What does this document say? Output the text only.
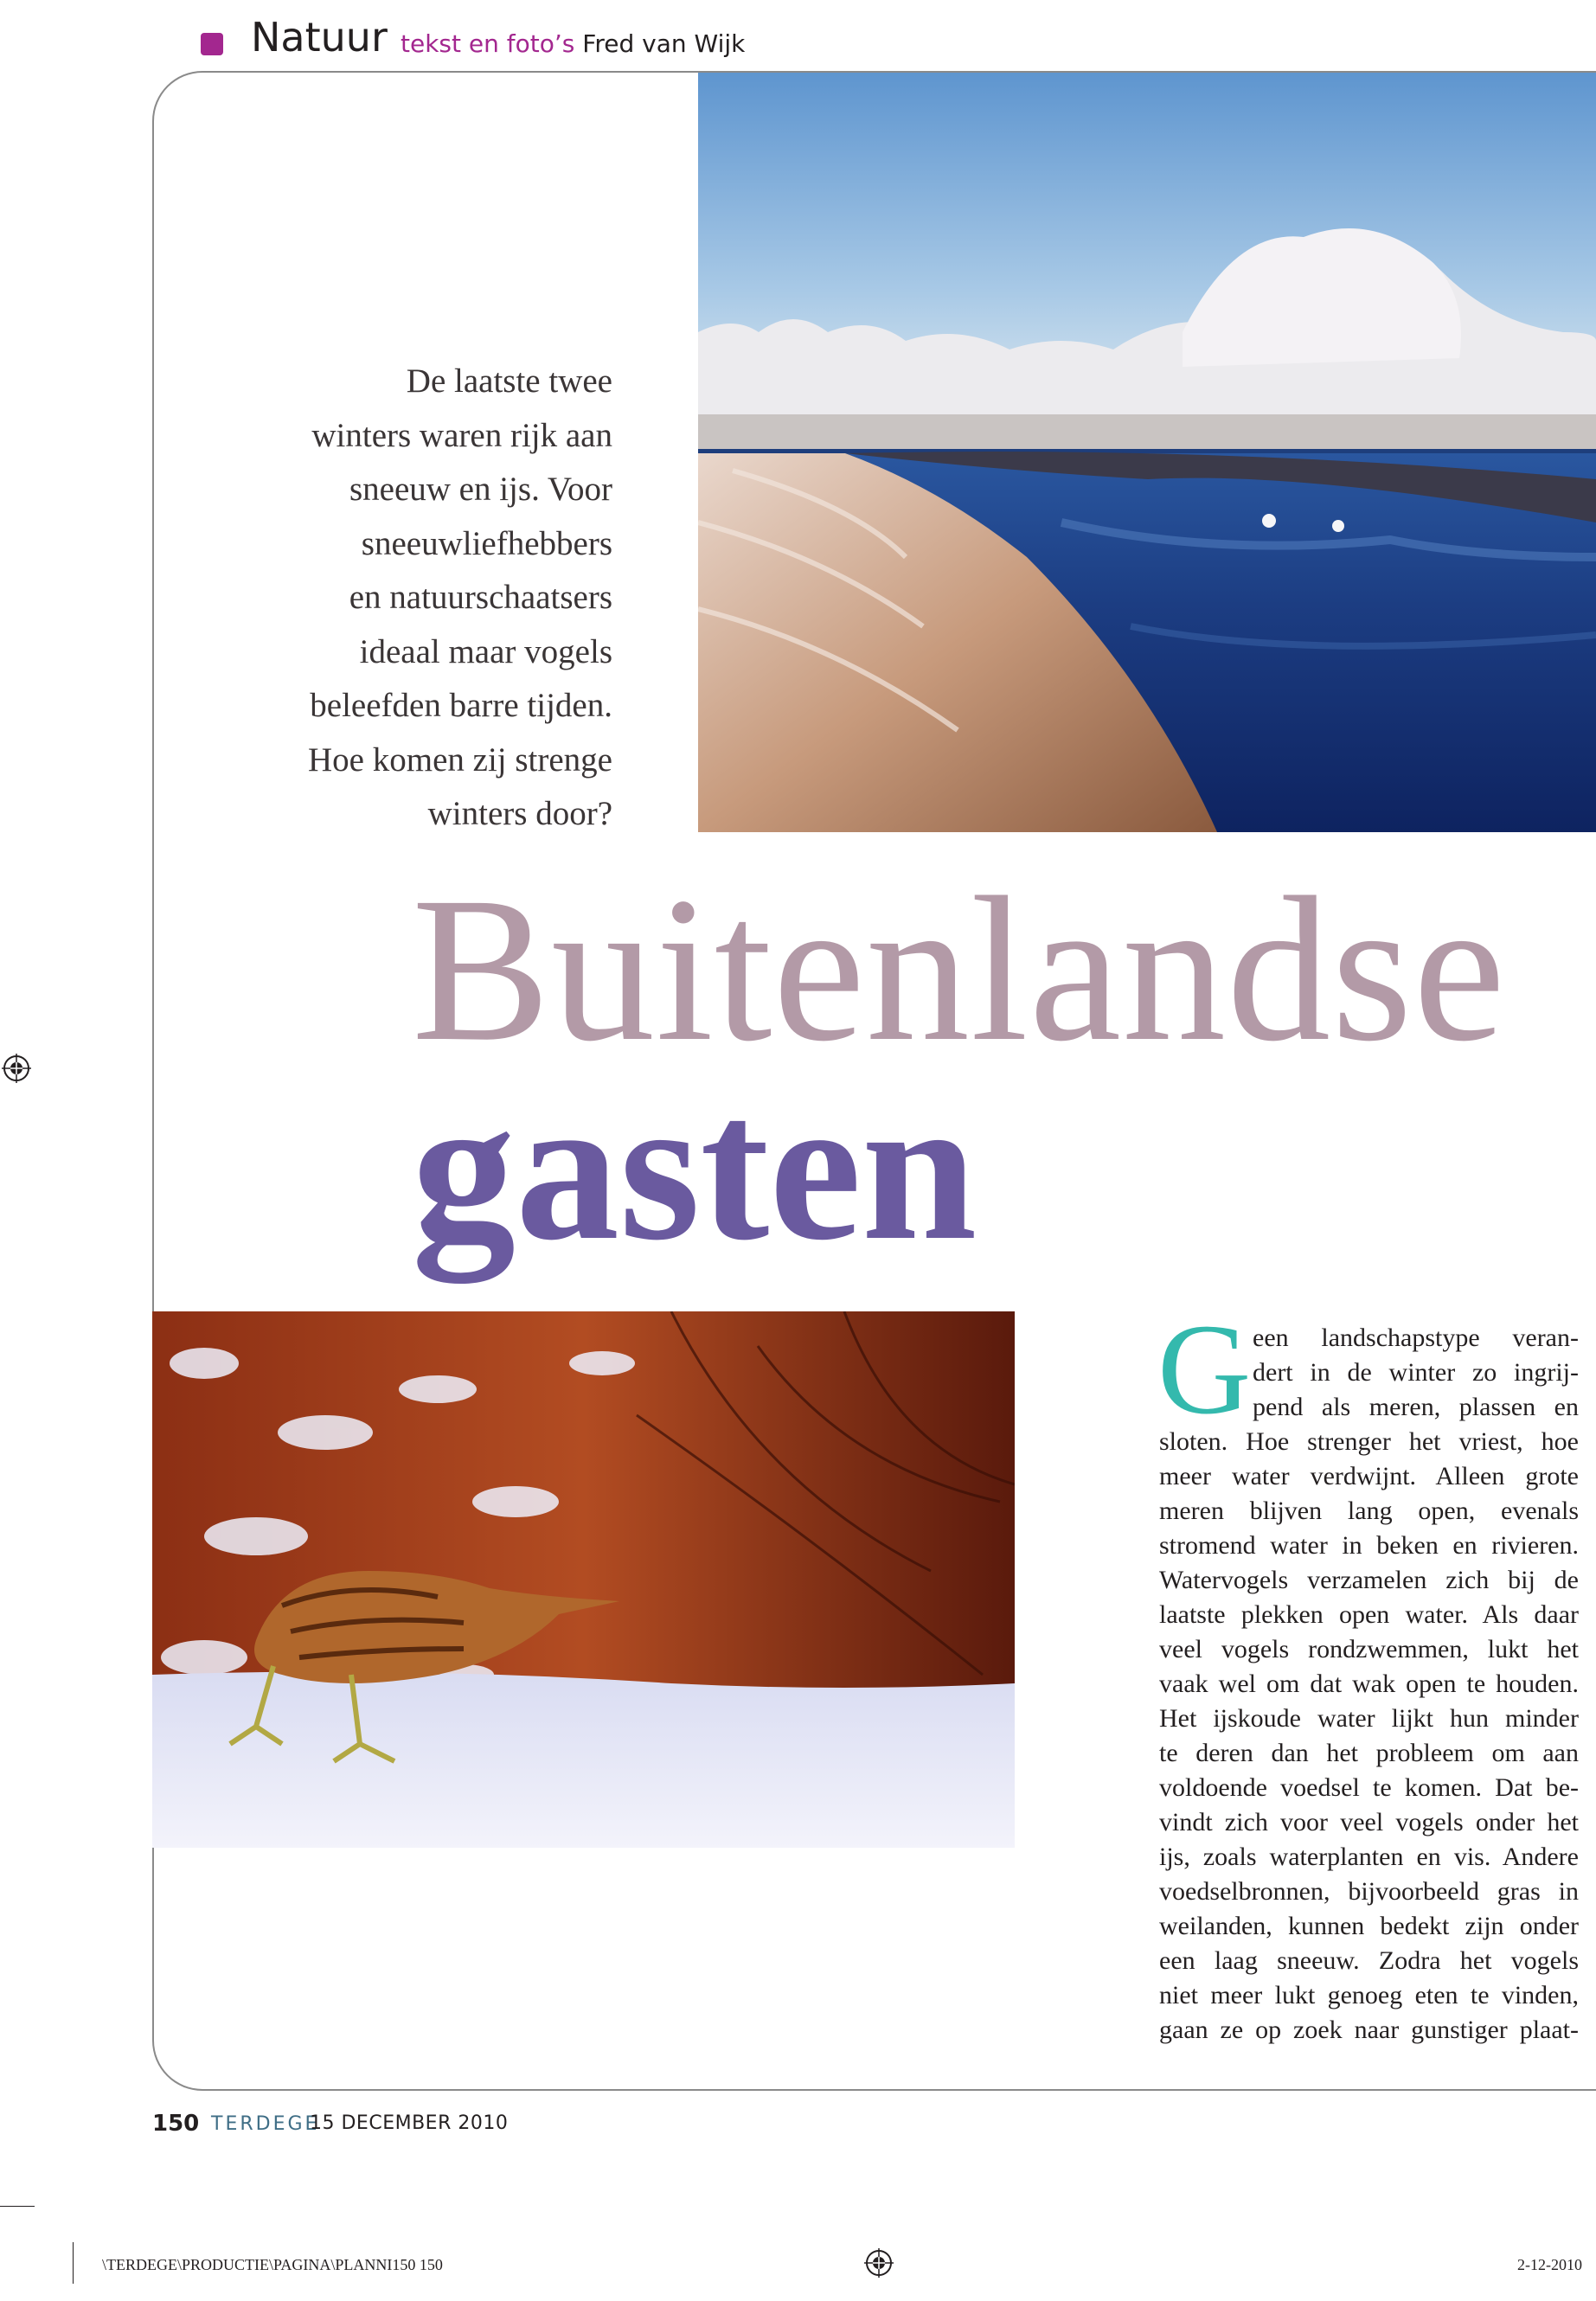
Natuur tekst en foto’s Fred van Wijk

De laatste twee
winters waren rijk aan
sneeuw en ijs. Voor
sneeuwliefhebbers
en natuurschaatsers
ideaal maar vogels
beleefden barre tijden.
Hoe komen zij strenge
winters door?

Buitenlandse
gasten
G een landschapstype veran-
dert in de winter zo ingrij-
pend als meren, plassen en
sloten. Hoe strenger het vriest, hoe
meer water verdwijnt. Alleen grote
meren blijven lang open, evenals
stromend water in beken en rivieren.
Watervogels verzamelen zich bij de
laatste plekken open water. Als daar
veel vogels rondzwemmen, lukt het
vaak wel om dat wak open te houden.
Het ijskoude water lijkt hun minder
te deren dan het probleem om aan
voldoende voedsel te komen. Dat be-
vindt zich voor veel vogels onder het
ijs, zoals waterplanten en vis. Andere
voedselbronnen, bijvoorbeeld gras in
weilanden, kunnen bedekt zijn onder
een laag sneeuw. Zodra het vogels
niet meer lukt genoeg eten te vinden,
gaan ze op zoek naar gunstiger plaat-

150 TERDEGE
15 DECEMBER 2010
\TERDEGE\PRODUCTIE\PAGINA\PLANNI150 150	2-12-2010
